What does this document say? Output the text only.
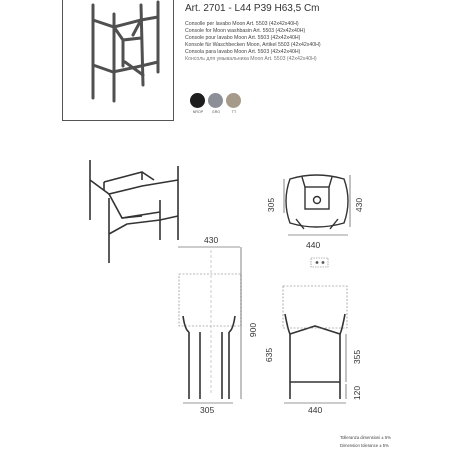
Art. 2701 - L44 P39 H63,5 Cm
Consolle per lavabo Moon Art. 5503 (42x42x40H)
Console for Moon washbasin Art. 5503 (42x42x40H)
Console pour lavabo Moon Art. 5503 (42x42x40H)
Konsole für Waschbecken Moon, Artikel 5503 (42x42x40H)
Consola para lavabo Moon Art. 5503 (42x42x40H)
Консоль для умывальника Moon Art. 5503 (42x42x40H)
NROP	GRG	TT
305	430
440
430
900
635
305
355
120
440
Tolleranza dimensioni ± 5%
Dimension tolerance ± 5%
